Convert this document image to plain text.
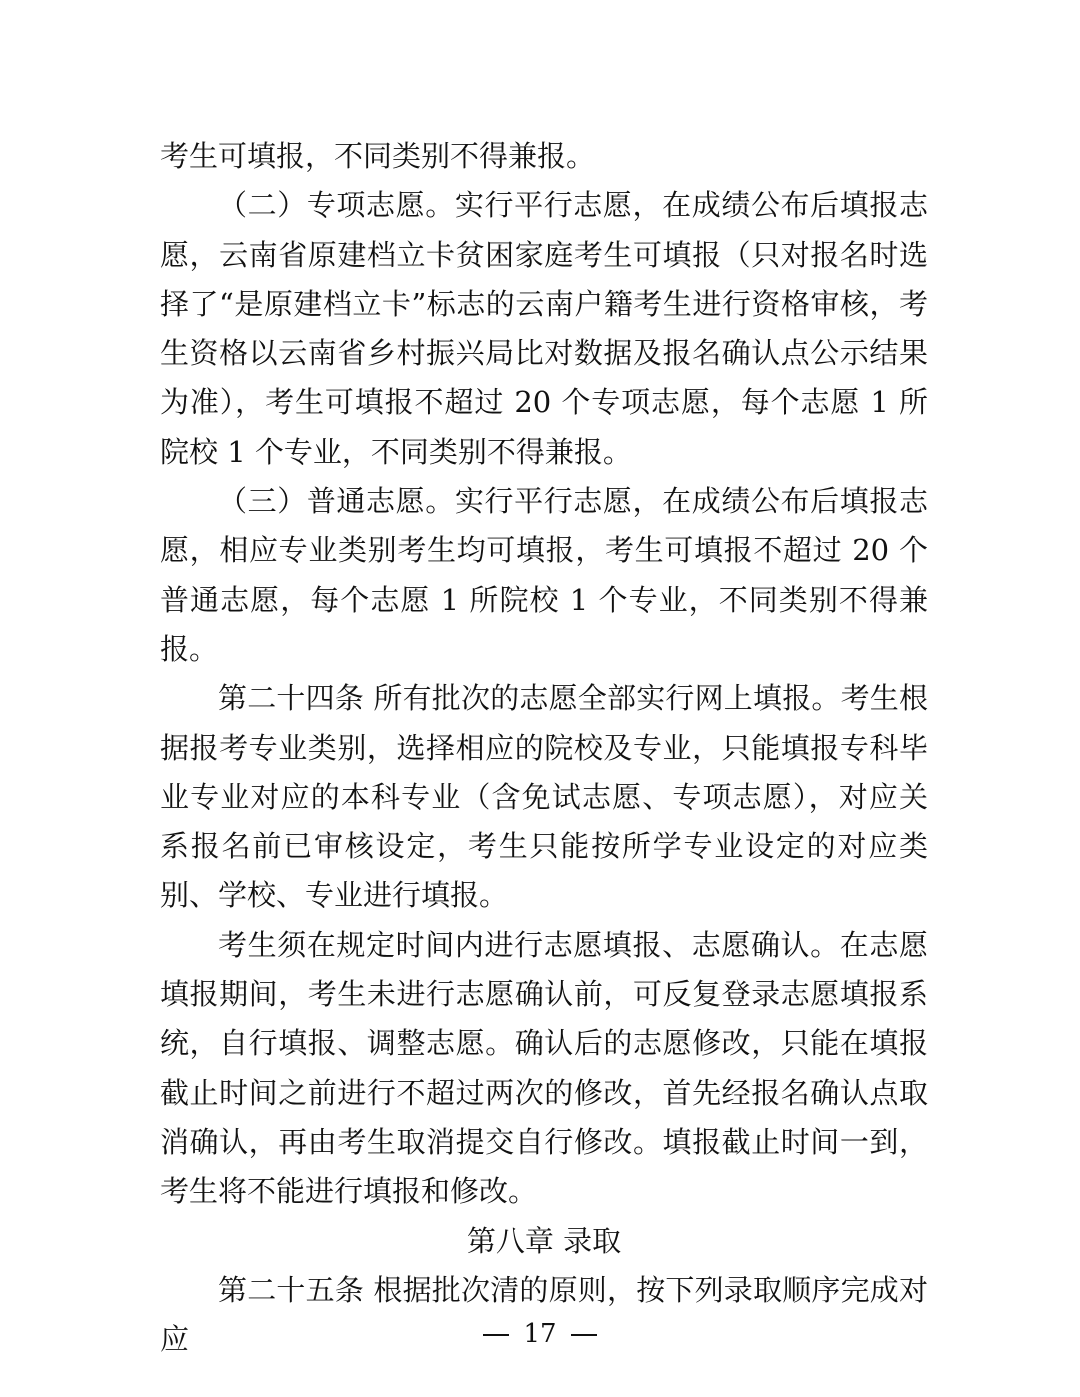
考生可填报，不同类别不得兼报。

（二）专项志愿。实行平行志愿，在成绩公布后填报志愿，云南省原建档立卡贫困家庭考生可填报（只对报名时选择了“是原建档立卡”标志的云南户籍考生进行资格审核，考生资格以云南省乡村振兴局比对数据及报名确认点公示结果为准），考生可填报不超过 20 个专项志愿，每个志愿 1 所院校 1 个专业，不同类别不得兼报。

（三）普通志愿。实行平行志愿，在成绩公布后填报志愿，相应专业类别考生均可填报，考生可填报不超过 20 个普通志愿，每个志愿 1 所院校 1 个专业，不同类别不得兼报。

第二十四条 所有批次的志愿全部实行网上填报。考生根据报考专业类别，选择相应的院校及专业，只能填报专科毕业专业对应的本科专业（含免试志愿、专项志愿），对应关系报名前已审核设定，考生只能按所学专业设定的对应类别、学校、专业进行填报。

考生须在规定时间内进行志愿填报、志愿确认。在志愿填报期间，考生未进行志愿确认前，可反复登录志愿填报系统，自行填报、调整志愿。确认后的志愿修改，只能在填报截止时间之前进行不超过两次的修改，首先经报名确认点取消确认，再由考生取消提交自行修改。填报截止时间一到，考生将不能进行填报和修改。

第八章 录取

第二十五条 根据批次清的原则，按下列录取顺序完成对应	17
